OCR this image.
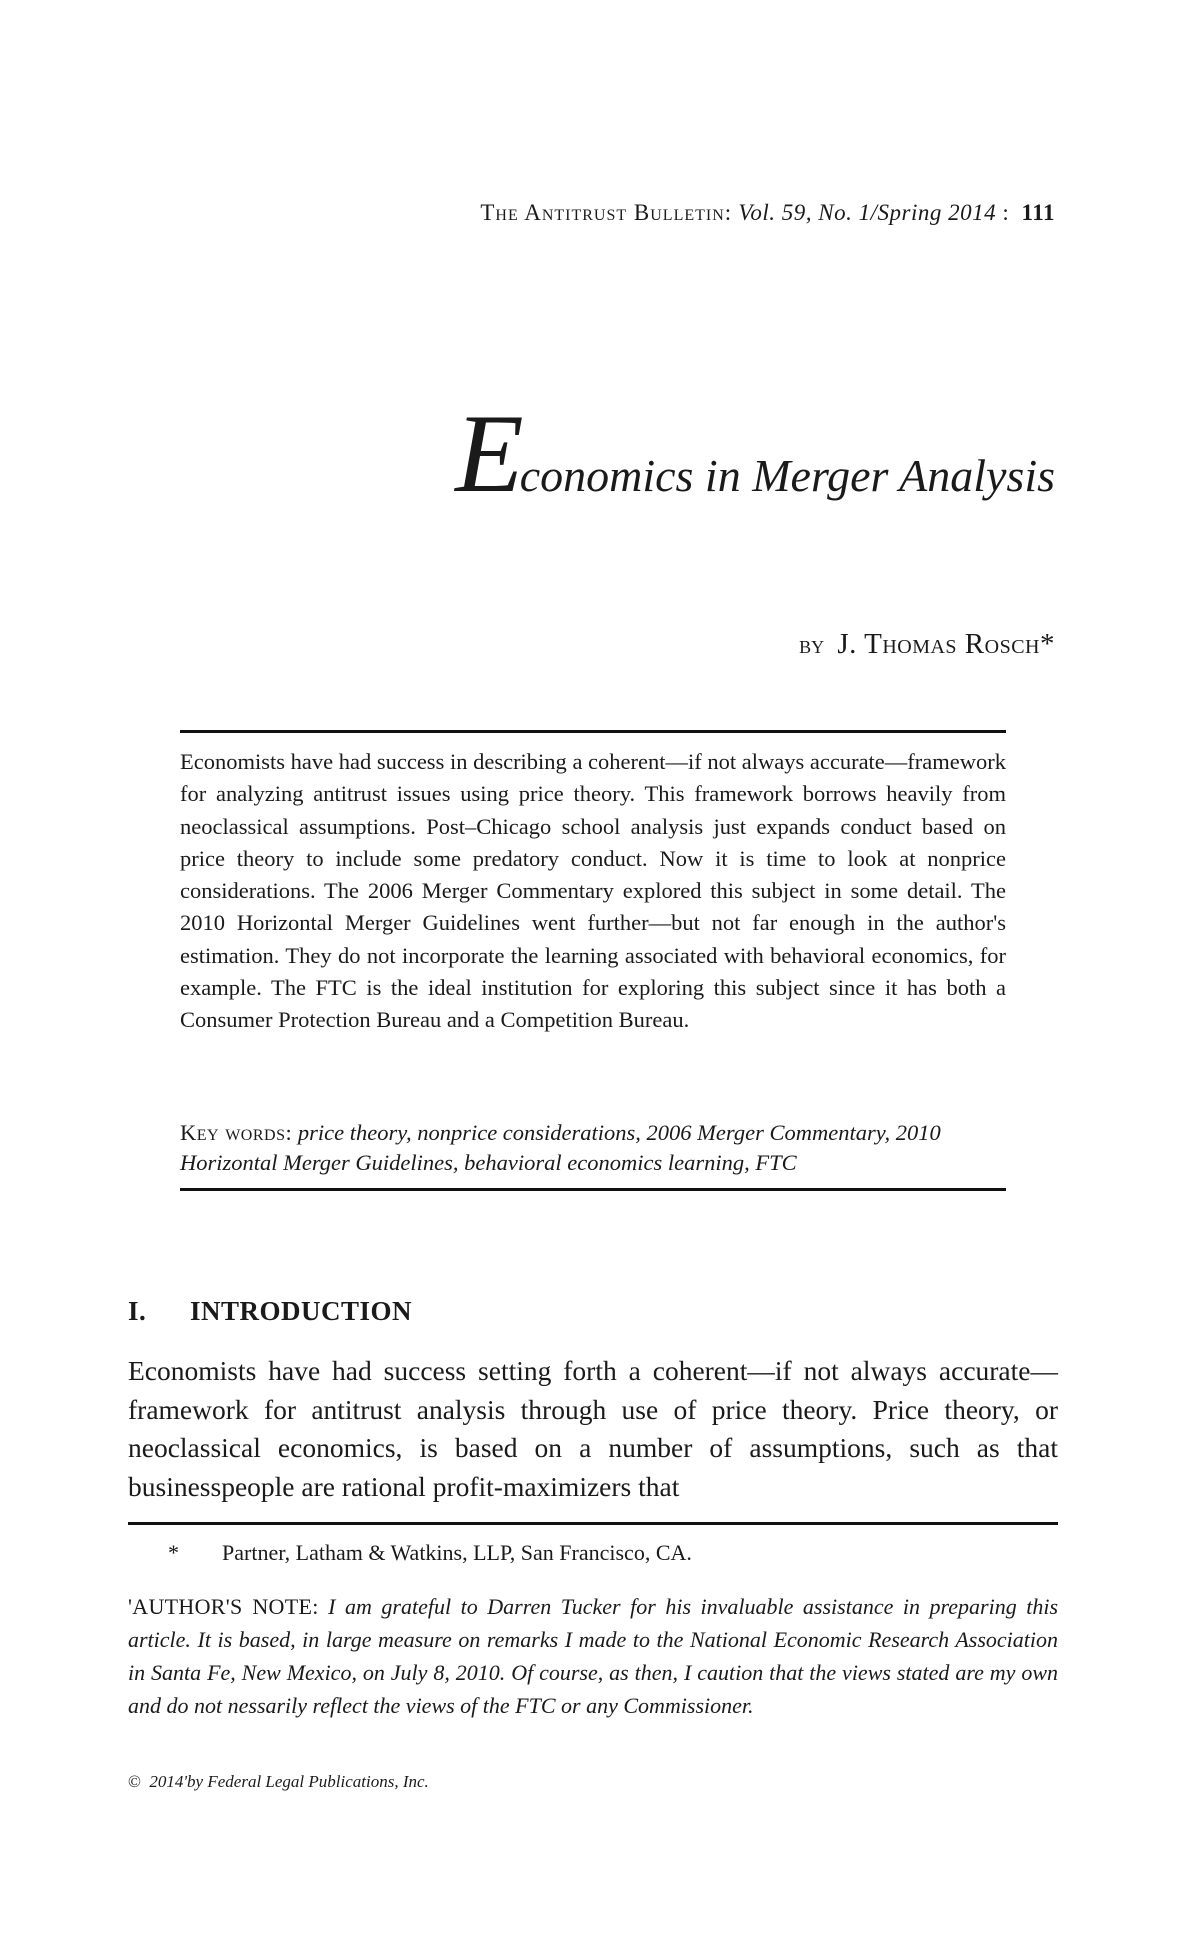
The Antitrust Bulletin: Vol. 59, No. 1/Spring 2014 : 111
Economics in Merger Analysis
by J. Thomas Rosch*

Economists have had success in describing a coherent—if not always accurate—framework for analyzing antitrust issues using price theory. This framework borrows heavily from neoclassical assumptions. Post–Chicago school analysis just expands conduct based on price theory to include some predatory conduct. Now it is time to look at nonprice considerations. The 2006 Merger Commentary explored this subject in some detail. The 2010 Horizontal Merger Guidelines went further—but not far enough in the author's estimation. They do not incorporate the learning associated with behavioral economics, for example. The FTC is the ideal institution for exploring this subject since it has both a Consumer Protection Bureau and a Competition Bureau.

Key words: price theory, nonprice considerations, 2006 Merger Commentary, 2010 Horizontal Merger Guidelines, behavioral economics learning, FTC

I. INTRODUCTION

Economists have had success setting forth a coherent—if not always accurate—framework for antitrust analysis through use of price theory. Price theory, or neoclassical economics, is based on a number of assumptions, such as that businesspeople are rational profit-maximizers that

* Partner, Latham & Watkins, LLP, San Francisco, CA.

'AUTHOR'S NOTE: I am grateful to Darren Tucker for his invaluable assistance in preparing this article. It is based, in large measure on remarks I made to the National Economic Research Association in Santa Fe, New Mexico, on July 8, 2010. Of course, as then, I caution that the views stated are my own and do not nessarily reflect the views of the FTC or any Commissioner.

© 2014'by Federal Legal Publications, Inc.
